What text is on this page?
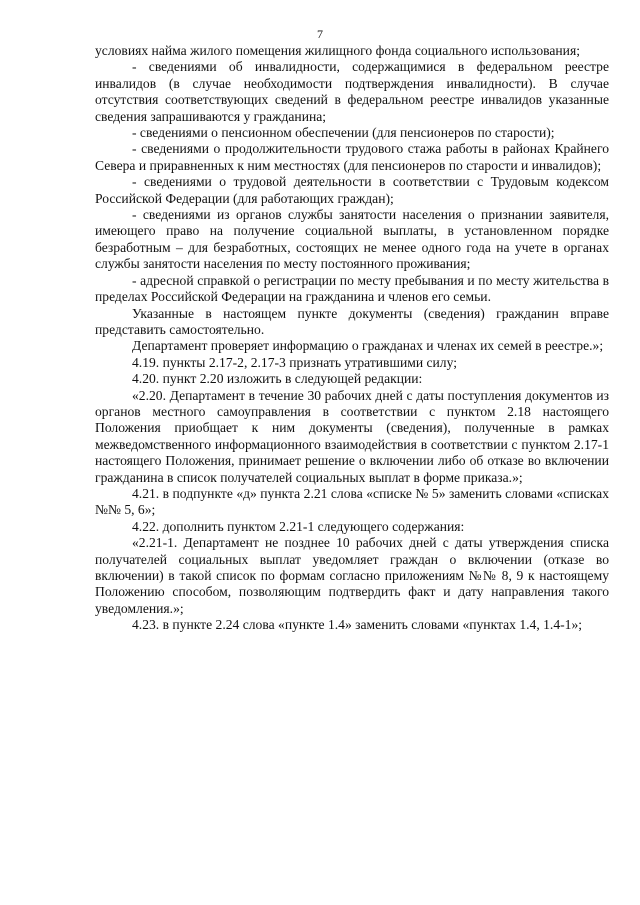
7

условиях найма жилого помещения жилищного фонда социального использования;

- сведениями об инвалидности, содержащимися в федеральном реестре инвалидов (в случае необходимости подтверждения инвалидности). В случае отсутствия соответствующих сведений в федеральном реестре инвалидов указанные сведения запрашиваются у гражданина;

- сведениями о пенсионном обеспечении (для пенсионеров по старости);

- сведениями о продолжительности трудового стажа работы в районах Крайнего Севера и приравненных к ним местностях (для пенсионеров по старости и инвалидов);

- сведениями о трудовой деятельности в соответствии с Трудовым кодексом Российской Федерации (для работающих граждан);

- сведениями из органов службы занятости населения о признании заявителя, имеющего право на получение социальной выплаты, в установленном порядке безработным – для безработных, состоящих не менее одного года на учете в органах службы занятости населения по месту постоянного проживания;

- адресной справкой о регистрации по месту пребывания и по месту жительства в пределах Российской Федерации на гражданина и членов его семьи.

Указанные в настоящем пункте документы (сведения) гражданин вправе представить самостоятельно.

Департамент проверяет информацию о гражданах и членах их семей в реестре.»;

4.19. пункты 2.17-2, 2.17-3 признать утратившими силу;

4.20. пункт 2.20 изложить в следующей редакции:

«2.20. Департамент в течение 30 рабочих дней с даты поступления документов из органов местного самоуправления в соответствии с пунктом 2.18 настоящего Положения приобщает к ним документы (сведения), полученные в рамках межведомственного информационного взаимодействия в соответствии с пунктом 2.17-1 настоящего Положения, принимает решение о включении либо об отказе во включении гражданина в список получателей социальных выплат в форме приказа.»;

4.21. в подпункте «д» пункта 2.21 слова «списке № 5» заменить словами «списках №№ 5, 6»;

4.22. дополнить пунктом 2.21-1 следующего содержания:

«2.21-1. Департамент не позднее 10 рабочих дней с даты утверждения списка получателей социальных выплат уведомляет граждан о включении (отказе во включении) в такой список по формам согласно приложениям №№ 8, 9 к настоящему Положению способом, позволяющим подтвердить факт и дату направления такого уведомления.»;

4.23. в пункте 2.24 слова «пункте 1.4» заменить словами «пунктах 1.4, 1.4-1»;
